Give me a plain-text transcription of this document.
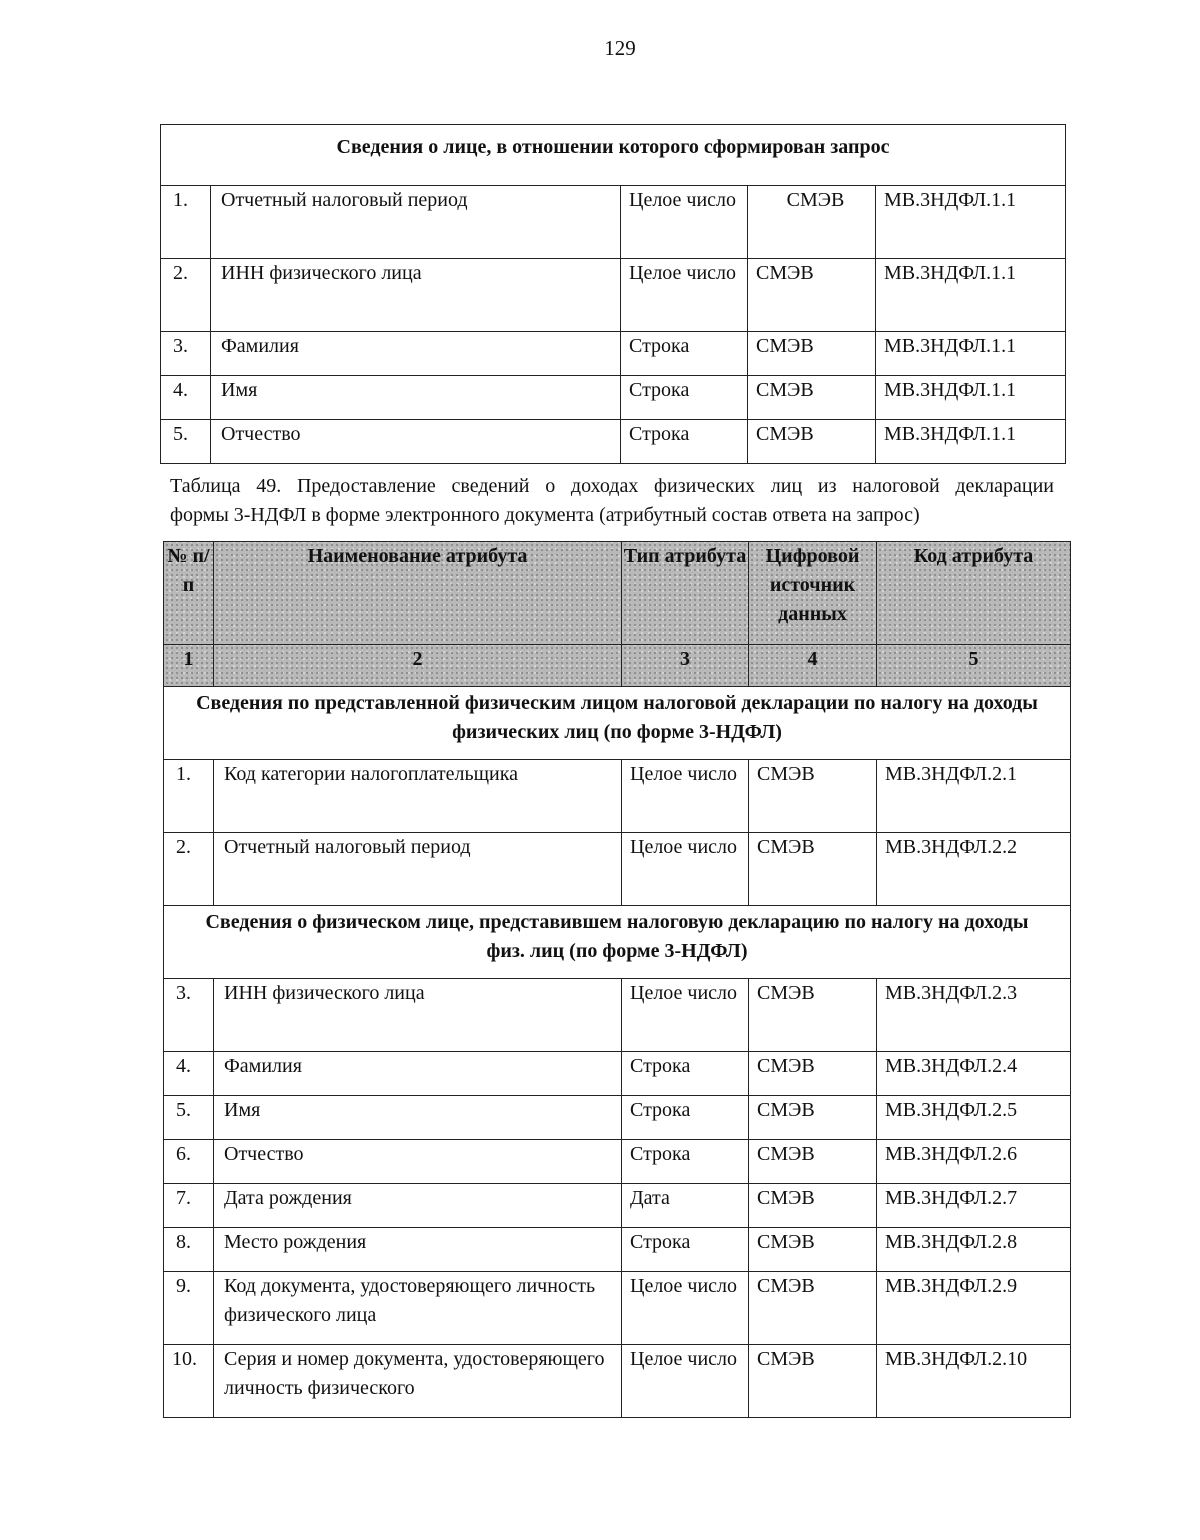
129
Сведения о лице, в отношении которого сформирован запрос				
1.	Отчетный налоговый период	Целое число	СМЭВ	МВ.3НДФЛ.1.1
2.	ИНН физического лица	Целое число	СМЭВ	МВ.3НДФЛ.1.1
3.	Фамилия	Строка	СМЭВ	МВ.3НДФЛ.1.1
4.	Имя	Строка	СМЭВ	МВ.3НДФЛ.1.1
5.	Отчество	Строка	СМЭВ	МВ.3НДФЛ.1.1
Таблица 49. Предоставление сведений о доходах физических лиц из налоговой декларации
формы 3-НДФЛ в форме электронного документа (атрибутный состав ответа на запрос)
№ п/п	Наименование атрибута	Тип атрибута	Цифровой источник данных	Код атрибута
1	2	3	4	5
Сведения по представленной физическим лицом налоговой декларации по налогу на доходы физических лиц (по форме 3-НДФЛ)				
1.	Код категории налогоплательщика	Целое число	СМЭВ	МВ.3НДФЛ.2.1
2.	Отчетный налоговый период	Целое число	СМЭВ	МВ.3НДФЛ.2.2
Сведения о физическом лице, представившем налоговую декларацию по налогу на доходы физ. лиц (по форме 3-НДФЛ)				
3.	ИНН физического лица	Целое число	СМЭВ	МВ.3НДФЛ.2.3
4.	Фамилия	Строка	СМЭВ	МВ.3НДФЛ.2.4
5.	Имя	Строка	СМЭВ	МВ.3НДФЛ.2.5
6.	Отчество	Строка	СМЭВ	МВ.3НДФЛ.2.6
7.	Дата рождения	Дата	СМЭВ	МВ.3НДФЛ.2.7
8.	Место рождения	Строка	СМЭВ	МВ.3НДФЛ.2.8
9.	Код документа, удостоверяющего личность физического лица	Целое число	СМЭВ	МВ.3НДФЛ.2.9
10.	Серия и номер документа, удостоверяющего личность физического	Целое число	СМЭВ	МВ.3НДФЛ.2.10
